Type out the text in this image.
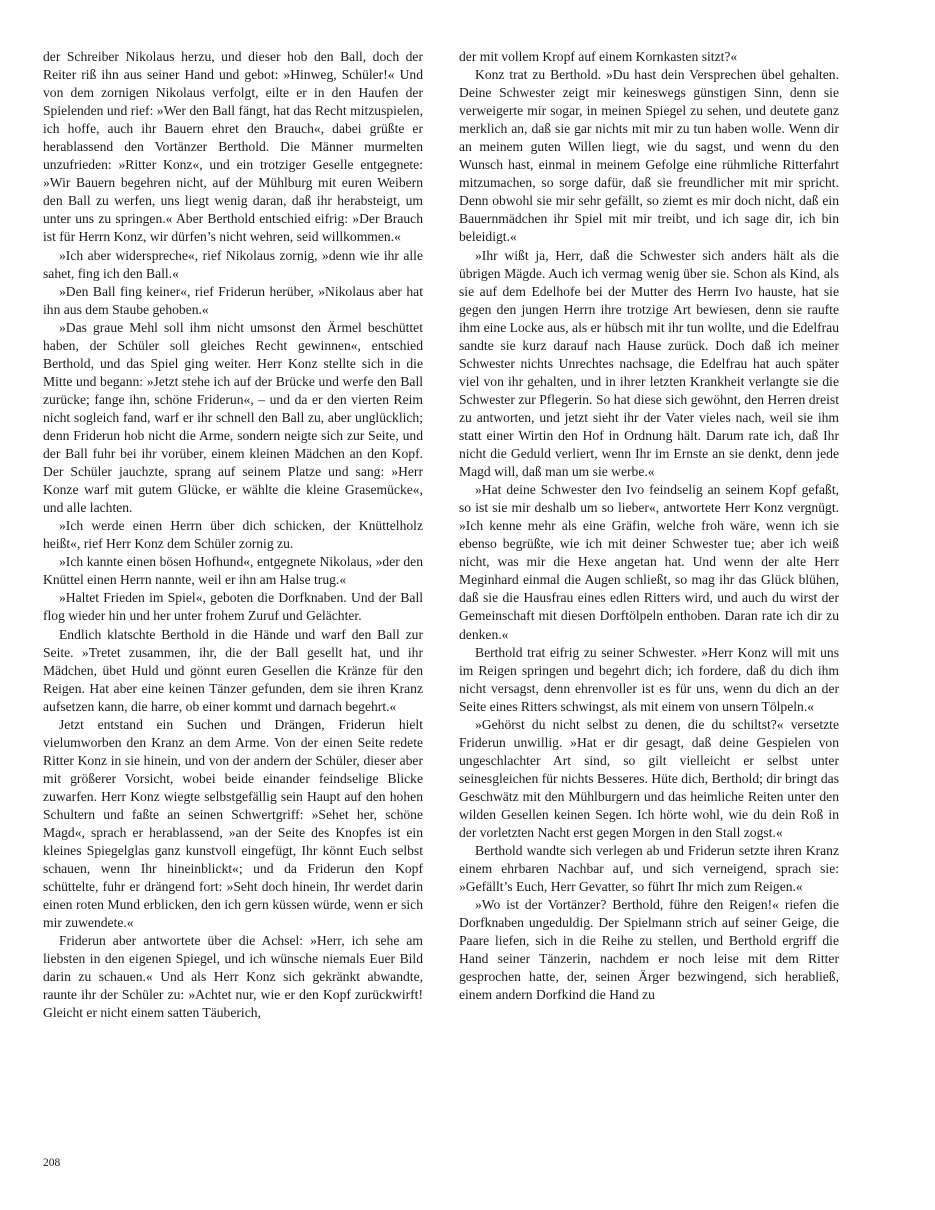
der Schreiber Nikolaus herzu, und dieser hob den Ball, doch der Reiter riß ihn aus seiner Hand und gebot: »Hinweg, Schüler!« Und von dem zornigen Nikolaus verfolgt, eilte er in den Haufen der Spielenden und rief: »Wer den Ball fängt, hat das Recht mitzuspielen, ich hoffe, auch ihr Bauern ehret den Brauch«, dabei grüßte er herablassend den Vortänzer Berthold. Die Männer murmelten unzufrieden: »Ritter Konz«, und ein trotziger Geselle entgegnete: »Wir Bauern begehren nicht, auf der Mühlburg mit euren Weibern den Ball zu werfen, uns liegt wenig daran, daß ihr herabsteigt, um unter uns zu springen.« Aber Berthold entschied eifrig: »Der Brauch ist für Herrn Konz, wir dürfen’s nicht wehren, seid willkommen.«

»Ich aber widerspreche«, rief Nikolaus zornig, »denn wie ihr alle sahet, fing ich den Ball.«

»Den Ball fing keiner«, rief Friderun herüber, »Nikolaus aber hat ihn aus dem Staube gehoben.«

»Das graue Mehl soll ihm nicht umsonst den Ärmel beschüttet haben, der Schüler soll gleiches Recht gewinnen«, entschied Berthold, und das Spiel ging weiter. Herr Konz stellte sich in die Mitte und begann: »Jetzt stehe ich auf der Brücke und werfe den Ball zurücke; fange ihn, schöne Friderun«, – und da er den vierten Reim nicht sogleich fand, warf er ihr schnell den Ball zu, aber unglücklich; denn Friderun hob nicht die Arme, sondern neigte sich zur Seite, und der Ball fuhr bei ihr vorüber, einem kleinen Mädchen an den Kopf. Der Schüler jauchzte, sprang auf seinem Platze und sang: »Herr Konze warf mit gutem Glücke, er wählte die kleine Grasemücke«, und alle lachten.

»Ich werde einen Herrn über dich schicken, der Knüttelholz heißt«, rief Herr Konz dem Schüler zornig zu.

»Ich kannte einen bösen Hofhund«, entgegnete Nikolaus, »der den Knüttel einen Herrn nannte, weil er ihn am Halse trug.«

»Haltet Frieden im Spiel«, geboten die Dorfknaben. Und der Ball flog wieder hin und her unter frohem Zuruf und Gelächter.

Endlich klatschte Berthold in die Hände und warf den Ball zur Seite. »Tretet zusammen, ihr, die der Ball gesellt hat, und ihr Mädchen, übet Huld und gönnt euren Gesellen die Kränze für den Reigen. Hat aber eine keinen Tänzer gefunden, dem sie ihren Kranz aufsetzen kann, die harre, ob einer kommt und darnach begehrt.«

Jetzt entstand ein Suchen und Drängen, Friderun hielt vielumworben den Kranz an dem Arme. Von der einen Seite redete Ritter Konz in sie hinein, und von der andern der Schüler, dieser aber mit größerer Vorsicht, wobei beide einander feindselige Blicke zuwarfen. Herr Konz wiegte selbstgefällig sein Haupt auf den hohen Schultern und faßte an seinen Schwertgriff: »Sehet her, schöne Magd«, sprach er herablassend, »an der Seite des Knopfes ist ein kleines Spiegelglas ganz kunstvoll eingefügt, Ihr könnt Euch selbst schauen, wenn Ihr hineinblickt«; und da Friderun den Kopf schüttelte, fuhr er drängend fort: »Seht doch hinein, Ihr werdet darin einen roten Mund erblicken, den ich gern küssen würde, wenn er sich mir zuwendete.«

Friderun aber antwortete über die Achsel: »Herr, ich sehe am liebsten in den eigenen Spiegel, und ich wünsche niemals Euer Bild darin zu schauen.« Und als Herr Konz sich gekränkt abwandte, raunte ihr der Schüler zu: »Achtet nur, wie er den Kopf zurückwirft! Gleicht er nicht einem satten Täuberich,

der mit vollem Kropf auf einem Kornkasten sitzt?«

Konz trat zu Berthold. »Du hast dein Versprechen übel gehalten. Deine Schwester zeigt mir keineswegs günstigen Sinn, denn sie verweigerte mir sogar, in meinen Spiegel zu sehen, und deutete ganz merklich an, daß sie gar nichts mit mir zu tun haben wolle. Wenn dir an meinem guten Willen liegt, wie du sagst, und wenn du den Wunsch hast, einmal in meinem Gefolge eine rühmliche Ritterfahrt mitzumachen, so sorge dafür, daß sie freundlicher mit mir spricht. Denn obwohl sie mir sehr gefällt, so ziemt es mir doch nicht, daß ein Bauernmädchen ihr Spiel mit mir treibt, und ich sage dir, ich bin beleidigt.«

»Ihr wißt ja, Herr, daß die Schwester sich anders hält als die übrigen Mägde. Auch ich vermag wenig über sie. Schon als Kind, als sie auf dem Edelhofe bei der Mutter des Herrn Ivo hauste, hat sie gegen den jungen Herrn ihre trotzige Art bewiesen, denn sie raufte ihm eine Locke aus, als er hübsch mit ihr tun wollte, und die Edelfrau sandte sie kurz darauf nach Hause zurück. Doch daß ich meiner Schwester nichts Unrechtes nachsage, die Edelfrau hat auch später viel von ihr gehalten, und in ihrer letzten Krankheit verlangte sie die Schwester zur Pflegerin. So hat diese sich gewöhnt, den Herren dreist zu antworten, und jetzt sieht ihr der Vater vieles nach, weil sie ihm statt einer Wirtin den Hof in Ordnung hält. Darum rate ich, daß Ihr nicht die Geduld verliert, wenn Ihr im Ernste an sie denkt, denn jede Magd will, daß man um sie werbe.«

»Hat deine Schwester den Ivo feindselig an seinem Kopf gefaßt, so ist sie mir deshalb um so lieber«, antwortete Herr Konz vergnügt. »Ich kenne mehr als eine Gräfin, welche froh wäre, wenn ich sie ebenso begrüßte, wie ich mit deiner Schwester tue; aber ich weiß nicht, was mir die Hexe angetan hat. Und wenn der alte Herr Meginhard einmal die Augen schließt, so mag ihr das Glück blühen, daß sie die Hausfrau eines edlen Ritters wird, und auch du wirst der Gemeinschaft mit diesen Dorftölpeln enthoben. Daran rate ich dir zu denken.«

Berthold trat eifrig zu seiner Schwester. »Herr Konz will mit uns im Reigen springen und begehrt dich; ich fordere, daß du dich ihm nicht versagst, denn ehrenvoller ist es für uns, wenn du dich an der Seite eines Ritters schwingst, als mit einem von unsern Tölpeln.«

»Gehörst du nicht selbst zu denen, die du schiltst?« versetzte Friderun unwillig. »Hat er dir gesagt, daß deine Gespielen von ungeschlachter Art sind, so gilt vielleicht er selbst unter seinesgleichen für nichts Besseres. Hüte dich, Berthold; dir bringt das Geschwätz mit den Mühlburgern und das heimliche Reiten unter den wilden Gesellen keinen Segen. Ich hörte wohl, wie du dein Roß in der vorletzten Nacht erst gegen Morgen in den Stall zogst.«

Berthold wandte sich verlegen ab und Friderun setzte ihren Kranz einem ehrbaren Nachbar auf, und sich verneigend, sprach sie: »Gefällt’s Euch, Herr Gevatter, so führt Ihr mich zum Reigen.«

»Wo ist der Vortänzer? Berthold, führe den Reigen!« riefen die Dorfknaben ungeduldig. Der Spielmann strich auf seiner Geige, die Paare liefen, sich in die Reihe zu stellen, und Berthold ergriff die Hand seiner Tänzerin, nachdem er noch leise mit dem Ritter gesprochen hatte, der, seinen Ärger bezwingend, sich herabließ, einem andern Dorfkind die Hand zu

208
